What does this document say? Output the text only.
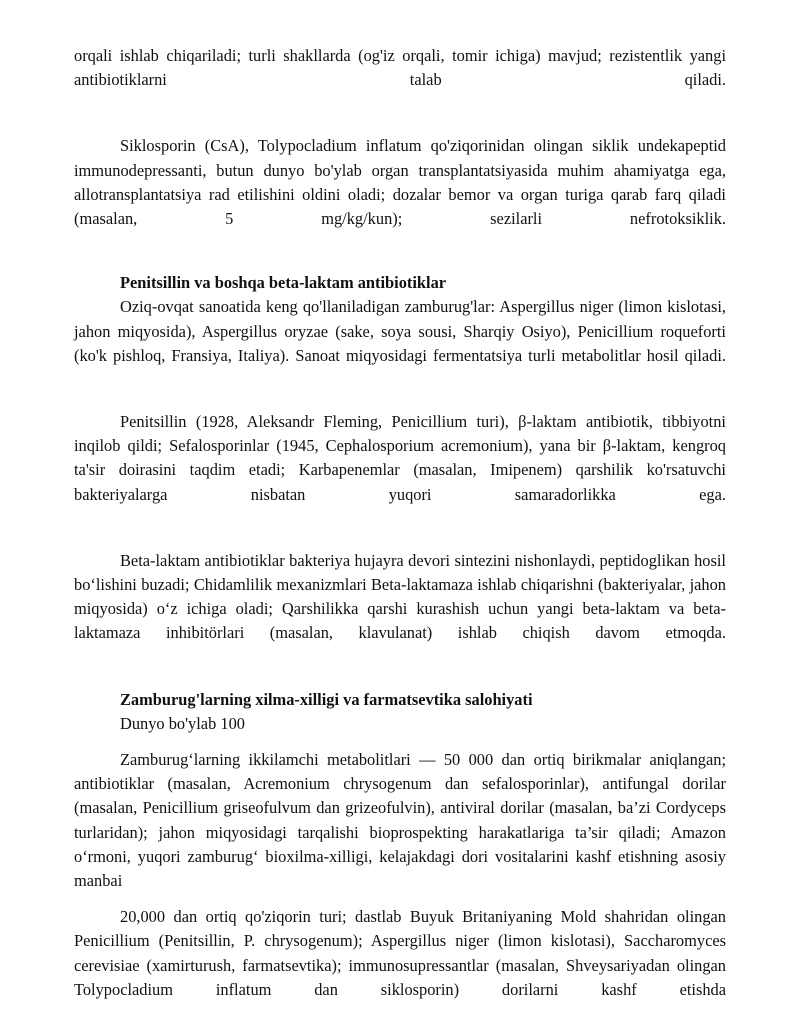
orqali ishlab chiqariladi; turli shakllarda (og'iz orqali, tomir ichiga) mavjud; rezistentlik yangi antibiotiklarni talab qiladi.

Siklosporin (CsA), Tolypocladium inflatum qo'ziqorinidan olingan siklik undekapeptid immunodepressanti, butun dunyo bo'ylab organ transplantatsiyasida muhim ahamiyatga ega, allotransplantatsiya rad etilishini oldini oladi; dozalar bemor va organ turiga qarab farq qiladi (masalan, 5 mg/kg/kun); sezilarli nefrotoksiklik.

Penitsillin va boshqa beta-laktam antibiotiklar

Oziq-ovqat sanoatida keng qo'llaniladigan zamburug'lar: Aspergillus niger (limon kislotasi, jahon miqyosida), Aspergillus oryzae (sake, soya sousi, Sharqiy Osiyo), Penicillium roqueforti (ko'k pishloq, Fransiya, Italiya). Sanoat miqyosidagi fermentatsiya turli metabolitlar hosil qiladi.

Penitsillin (1928, Aleksandr Fleming, Penicillium turi), β-laktam antibiotik, tibbiyotni inqilob qildi; Sefalosporinlar (1945, Cephalosporium acremonium), yana bir β-laktam, kengroq ta'sir doirasini taqdim etadi; Karbapenemlar (masalan, Imipenem) qarshilik ko'rsatuvchi bakteriyalarga nisbatan yuqori samaradorlikka ega.

Beta-laktam antibiotiklar bakteriya hujayra devori sintezini nishonlaydi, peptidoglikan hosil bo‘lishini buzadi; Chidamlilik mexanizmlari Beta-laktamaza ishlab chiqarishni (bakteriyalar, jahon miqyosida) o‘z ichiga oladi; Qarshilikka qarshi kurashish uchun yangi beta-laktam va beta-laktamaza inhibitörlari (masalan, klavulanat) ishlab chiqish davom etmoqda.

Zamburug'larning xilma-xilligi va farmatsevtika salohiyati
Dunyo bo'ylab 100

Zamburug‘larning ikkilamchi metabolitlari — 50 000 dan ortiq birikmalar aniqlangan; antibiotiklar (masalan, Acremonium chrysogenum dan sefalosporinlar), antifungal dorilar (masalan, Penicillium griseofulvum dan grizeofulvin), antiviral dorilar (masalan, ba’zi Cordyceps turlaridan); jahon miqyosidagi tarqalishi bioprospekting harakatlariga ta’sir qiladi; Amazon o‘rmoni, yuqori zamburug‘ bioxilma-xilligi, kelajakdagi dori vositalarini kashf etishning asosiy manbai

20,000 dan ortiq qo'ziqorin turi; dastlab Buyuk Britaniyaning Mold shahridan olingan Penicillium (Penitsillin, P. chrysogenum); Aspergillus niger (limon kislotasi), Saccharomyces cerevisiae (xamirturush, farmatsevtika); immunosupressantlar (masalan, Shveysariyadan olingan Tolypocladium inflatum dan siklosporin) dorilarni kashf etishda
